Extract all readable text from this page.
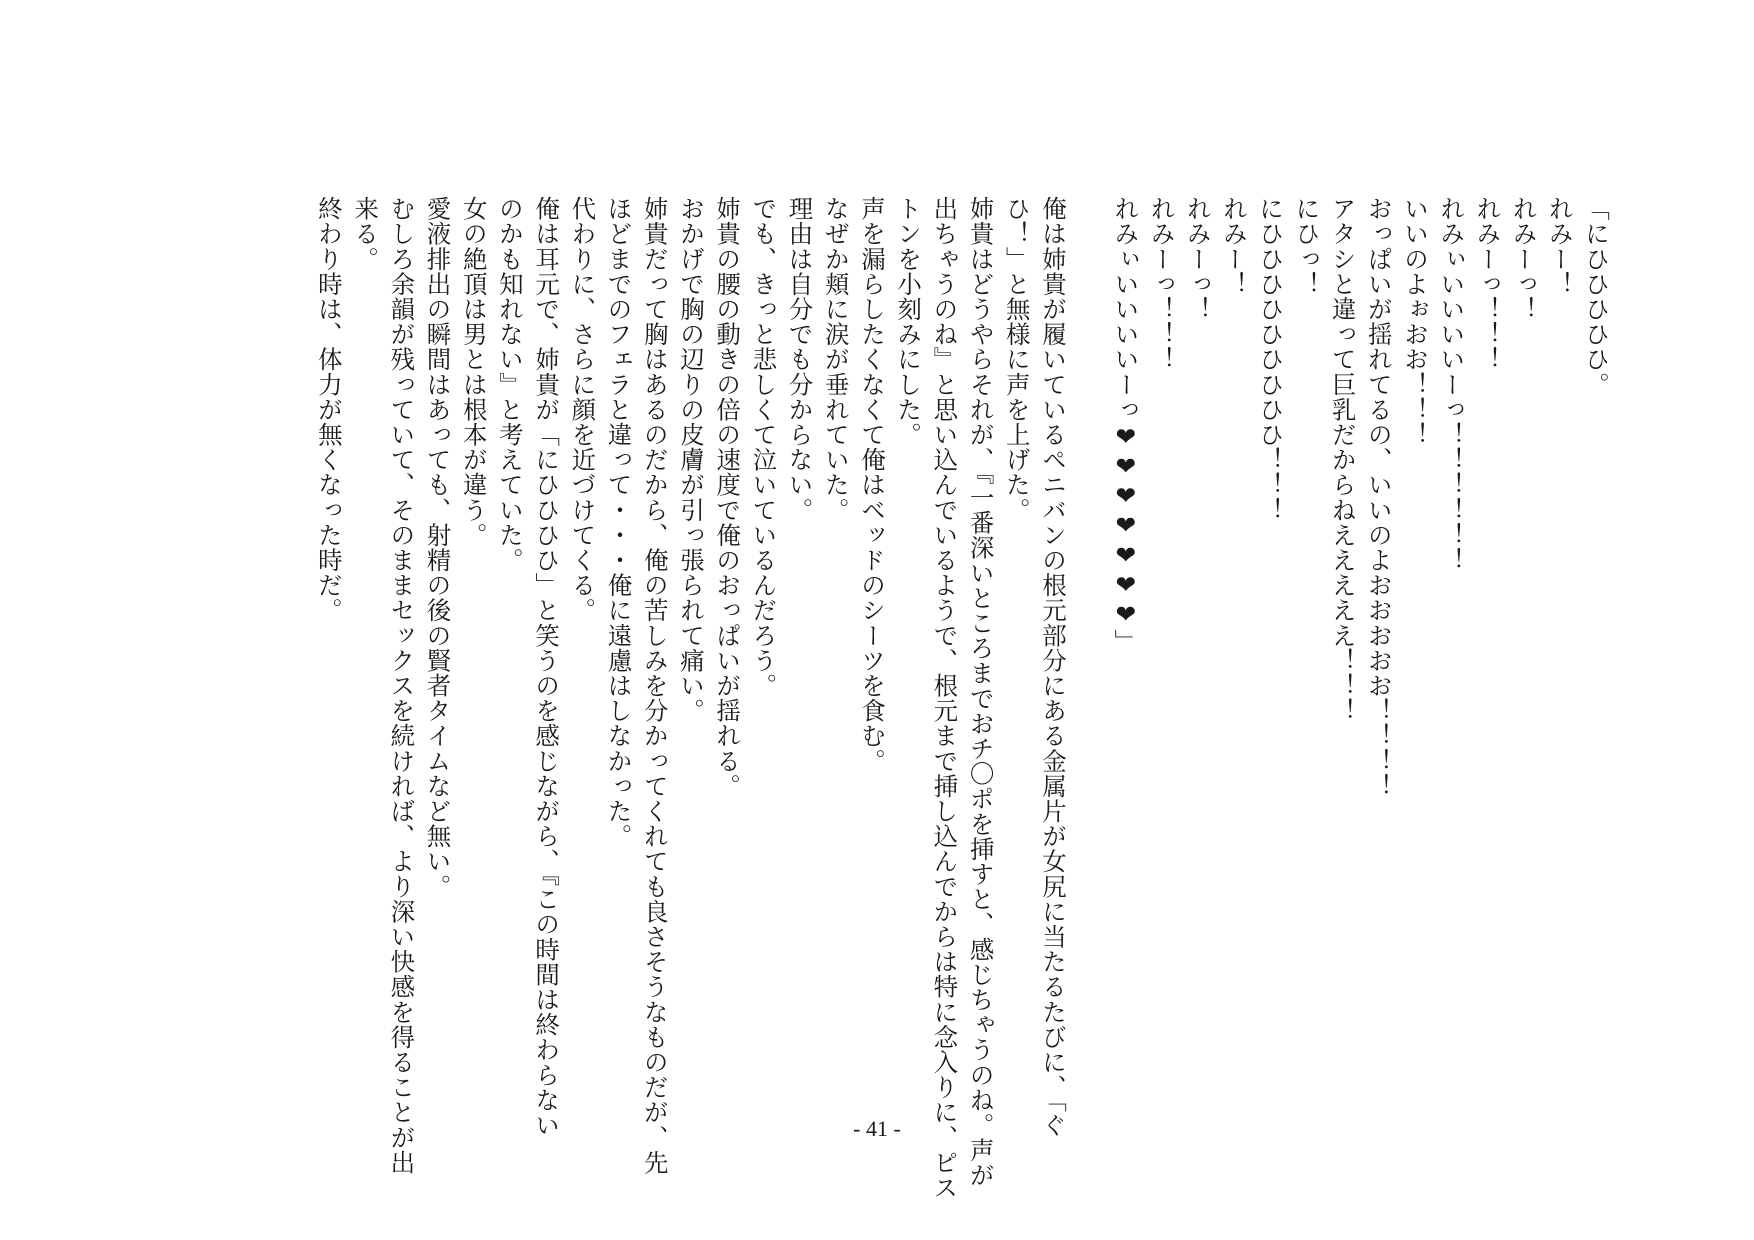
「にひひひひひ。
れみー！
れみーっ！
れみーっ！！！
れみぃいいいいーっ！！！！！！
いいのよぉおお！！！
おっぱいが揺れてるの、いいのよおおおおお！！！！
アタシと違って巨乳だからねえええええ！！！
にひっ！
にひひひひひひひひひ！！！
れみー！
れみーっ！
れみーっ！！！
れみぃいいいいーっ❤❤❤❤❤❤❤」
俺は姉貴が履いているペニバンの根元部分にある金属片が女尻に当たるたびに、「ぐ
ひ！」と無様に声を上げた。
姉貴はどうやらそれが、『一番深いところまでおチ〇ポを挿すと、感じちゃうのね。声が
出ちゃうのね』と思い込んでいるようで、根元まで挿し込んでからは特に念入りに、ピス
トンを小刻みにした。
声を漏らしたくなくて俺はベッドのシーツを食む。
なぜか頬に涙が垂れていた。
理由は自分でも分からない。
でも、きっと悲しくて泣いているんだろう。
姉貴の腰の動きの倍の速度で俺のおっぱいが揺れる。
おかげで胸の辺りの皮膚が引っ張られて痛い。
姉貴だって胸はあるのだから、俺の苦しみを分かってくれても良さそうなものだが、先
ほどまでのフェラと違って・・・俺に遠慮はしなかった。
代わりに、さらに顔を近づけてくる。
俺は耳元で、姉貴が「にひひひひ」と笑うのを感じながら、『この時間は終わらない
のかも知れない』と考えていた。
女の絶頂は男とは根本が違う。
愛液排出の瞬間はあっても、射精の後の賢者タイムなど無い。
むしろ余韻が残っていて、そのままセックスを続ければ、より深い快感を得ることが出
来る。
終わり時は、体力が無くなった時だ。
- 41 -
